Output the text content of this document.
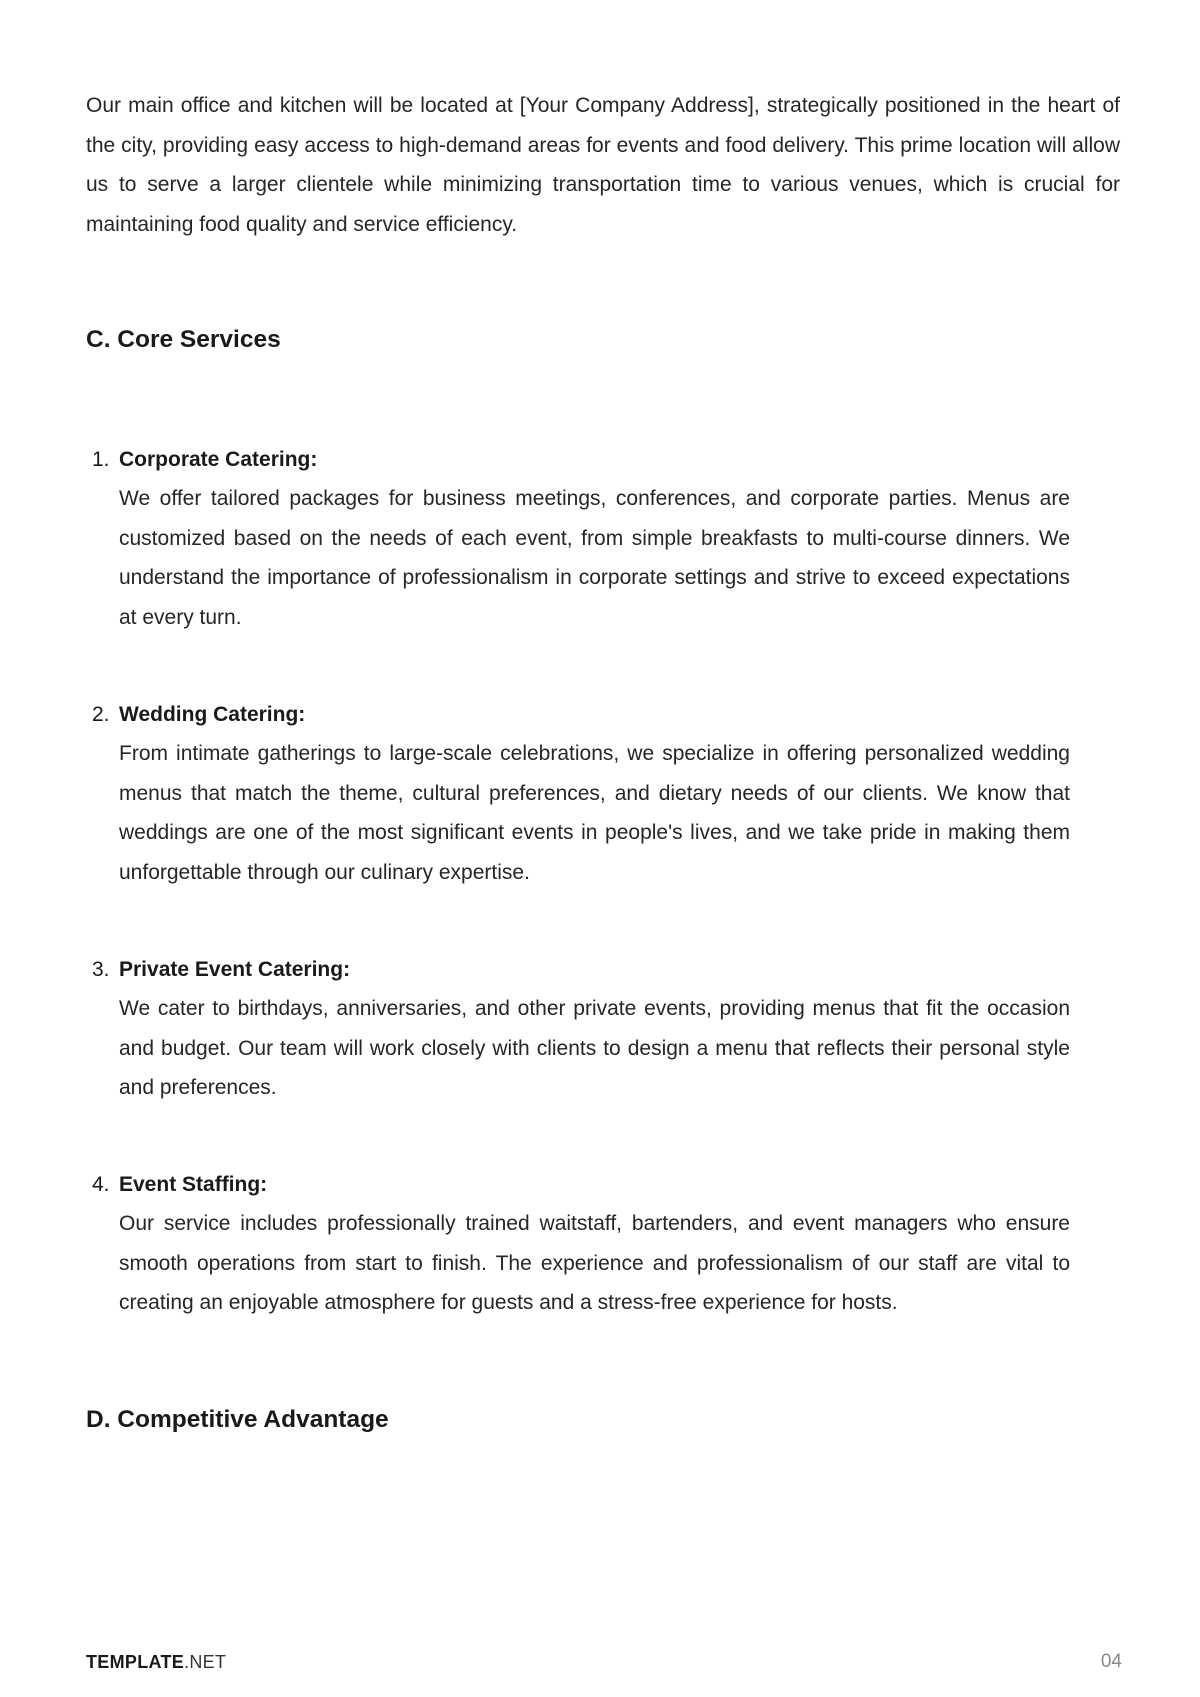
Our main office and kitchen will be located at [Your Company Address], strategically positioned in the heart of the city, providing easy access to high-demand areas for events and food delivery. This prime location will allow us to serve a larger clientele while minimizing transportation time to various venues, which is crucial for maintaining food quality and service efficiency.

C. Core Services
1. Corporate Catering:

We offer tailored packages for business meetings, conferences, and corporate parties. Menus are customized based on the needs of each event, from simple breakfasts to multi-course dinners. We understand the importance of professionalism in corporate settings and strive to exceed expectations at every turn.

2. Wedding Catering:

From intimate gatherings to large-scale celebrations, we specialize in offering personalized wedding menus that match the theme, cultural preferences, and dietary needs of our clients. We know that weddings are one of the most significant events in people's lives, and we take pride in making them unforgettable through our culinary expertise.

3. Private Event Catering:

We cater to birthdays, anniversaries, and other private events, providing menus that fit the occasion and budget. Our team will work closely with clients to design a menu that reflects their personal style and preferences.

4. Event Staffing:

Our service includes professionally trained waitstaff, bartenders, and event managers who ensure smooth operations from start to finish. The experience and professionalism of our staff are vital to creating an enjoyable atmosphere for guests and a stress-free experience for hosts.

D. Competitive Advantage
TEMPLATE.NET	04
